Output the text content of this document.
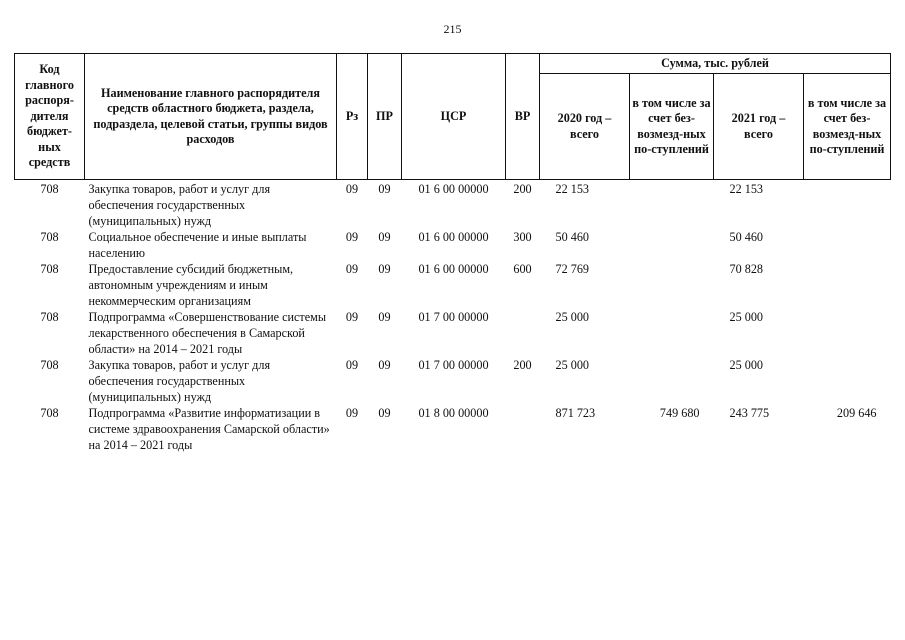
215
Код главного распоря-дителя бюджет-ных средств	Наименование главного распорядителя средств областного бюджета, раздела, подраздела, целевой статьи, группы видов расходов	Рз	ПР	ЦСР	ВР	Сумма, тыс. рублей			
						2020 год – всего	в том числе за счет без-возмезд-ных по-ступлений	2021 год – всего	в том числе за счет без-возмезд-ных по-ступлений
708	Закупка товаров, работ и услуг для обеспечения государственных (муниципальных) нужд	09	09	01 6 00 00000	200	22 153		22 153	
708	Социальное обеспечение и иные выплаты населению	09	09	01 6 00 00000	300	50 460		50 460	
708	Предоставление субсидий бюджетным, автономным учреждениям и иным некоммерческим организациям	09	09	01 6 00 00000	600	72 769		70 828	
708	Подпрограмма «Совершенствование системы лекарственного обеспечения в Самарской области» на 2014 – 2021 годы	09	09	01 7 00 00000		25 000		25 000	
708	Закупка товаров, работ и услуг для обеспечения государственных (муниципальных) нужд	09	09	01 7 00 00000	200	25 000		25 000	
708	Подпрограмма «Развитие информатизации в системе здравоохранения Самарской области» на 2014 – 2021 годы	09	09	01 8 00 00000		871 723	749 680	243 775	209 646
